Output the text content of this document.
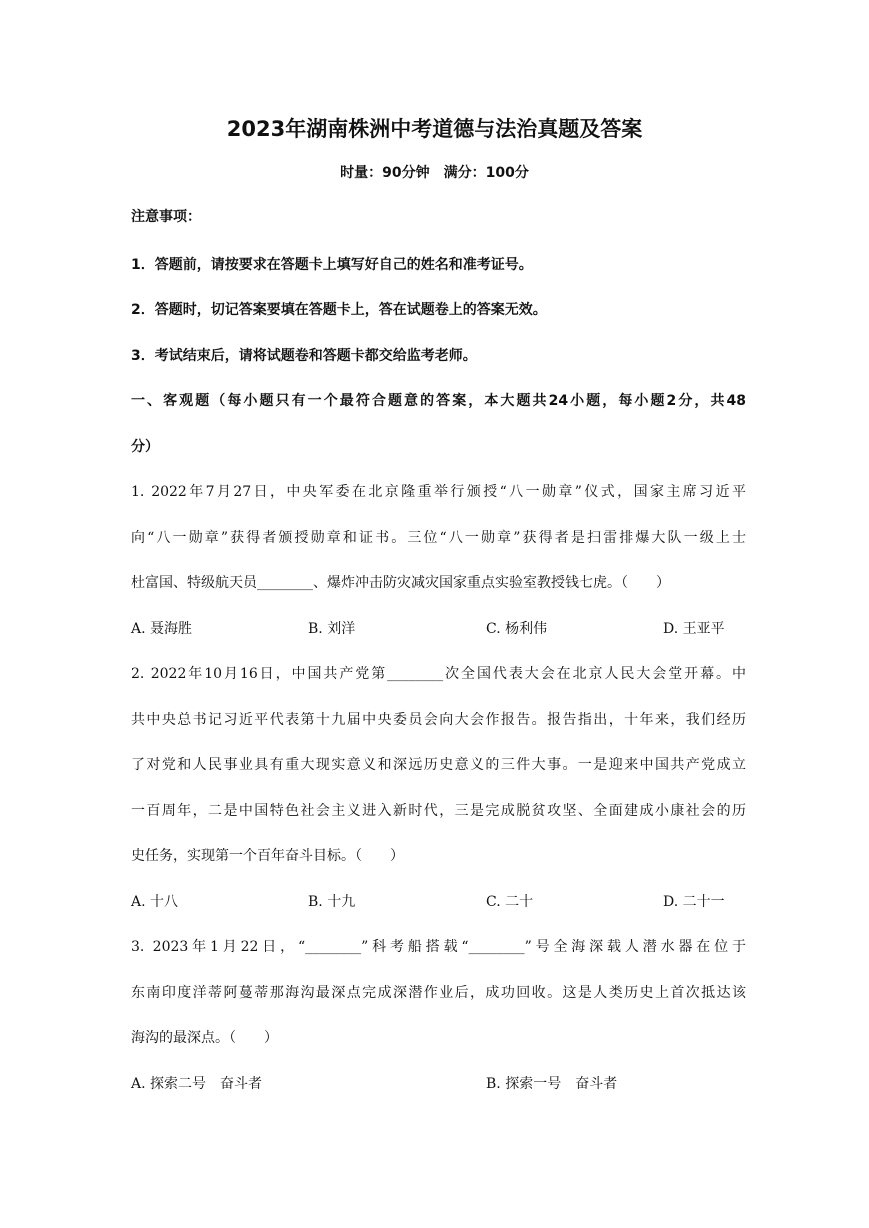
2023年湖南株洲中考道德与法治真题及答案
时量：90分钟　满分：100分
注意事项：
1．答题前，请按要求在答题卡上填写好自己的姓名和准考证号。
2．答题时，切记答案要填在答题卡上，答在试题卷上的答案无效。
3．考试结束后，请将试题卷和答题卡都交给监考老师。
一、客观题（每小题只有一个最符合题意的答案，本大题共24小题，每小题2分，共48
分）
1. 2022年7月27日，中央军委在北京隆重举行颁授“八一勋章”仪式，国家主席习近平
向“八一勋章”获得者颁授勋章和证书。三位“八一勋章”获得者是扫雷排爆大队一级上士
杜富国、特级航天员________、爆炸冲击防灾减灾国家重点实验室教授钱七虎。（　　）
A. 聂海胜	B. 刘洋	C. 杨利伟	D. 王亚平
2. 2022年10月16日，中国共产党第________次全国代表大会在北京人民大会堂开幕。中
共中央总书记习近平代表第十九届中央委员会向大会作报告。报告指出，十年来，我们经历
了对党和人民事业具有重大现实意义和深远历史意义的三件大事。一是迎来中国共产党成立
一百周年，二是中国特色社会主义进入新时代，三是完成脱贫攻坚、全面建成小康社会的历
史任务，实现第一个百年奋斗目标。（　　）
A. 十八	B. 十九	C. 二十	D. 二十一
3. 2023年1月22日，“________”科考船搭载“________”号全海深载人潜水器在位于
东南印度洋蒂阿蔓蒂那海沟最深点完成深潜作业后，成功回收。这是人类历史上首次抵达该
海沟的最深点。（　　）
A. 探索二号　奋斗者	B. 探索一号　奋斗者
